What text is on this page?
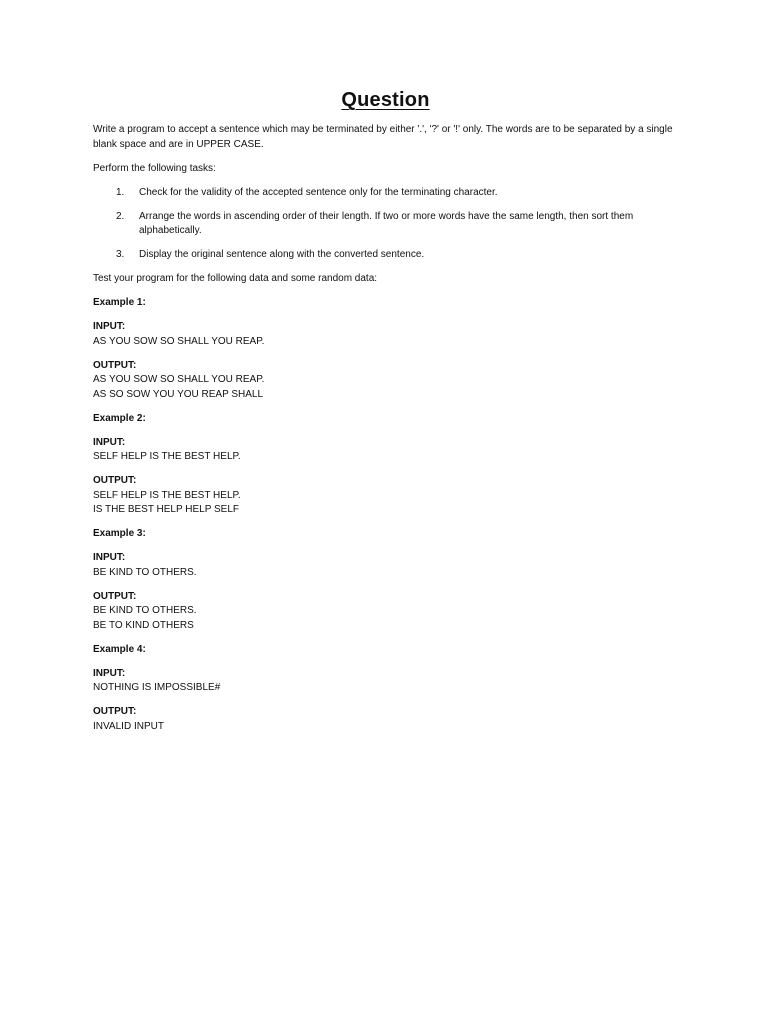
Question

Write a program to accept a sentence which may be terminated by either '.', '?' or '!' only. The words are to be separated by a single blank space and are in UPPER CASE.

Perform the following tasks:

1. Check for the validity of the accepted sentence only for the terminating character.
2. Arrange the words in ascending order of their length. If two or more words have the same length, then sort them alphabetically.
3. Display the original sentence along with the converted sentence.

Test your program for the following data and some random data:

Example 1:

INPUT:
AS YOU SOW SO SHALL YOU REAP.
OUTPUT:
AS YOU SOW SO SHALL YOU REAP.
AS SO SOW YOU YOU REAP SHALL

Example 2:

INPUT:
SELF HELP IS THE BEST HELP.
OUTPUT:
SELF HELP IS THE BEST HELP.
IS THE BEST HELP HELP SELF

Example 3:

INPUT:
BE KIND TO OTHERS.
OUTPUT:
BE KIND TO OTHERS.
BE TO KIND OTHERS

Example 4:

INPUT:
NOTHING IS IMPOSSIBLE#
OUTPUT:
INVALID INPUT
